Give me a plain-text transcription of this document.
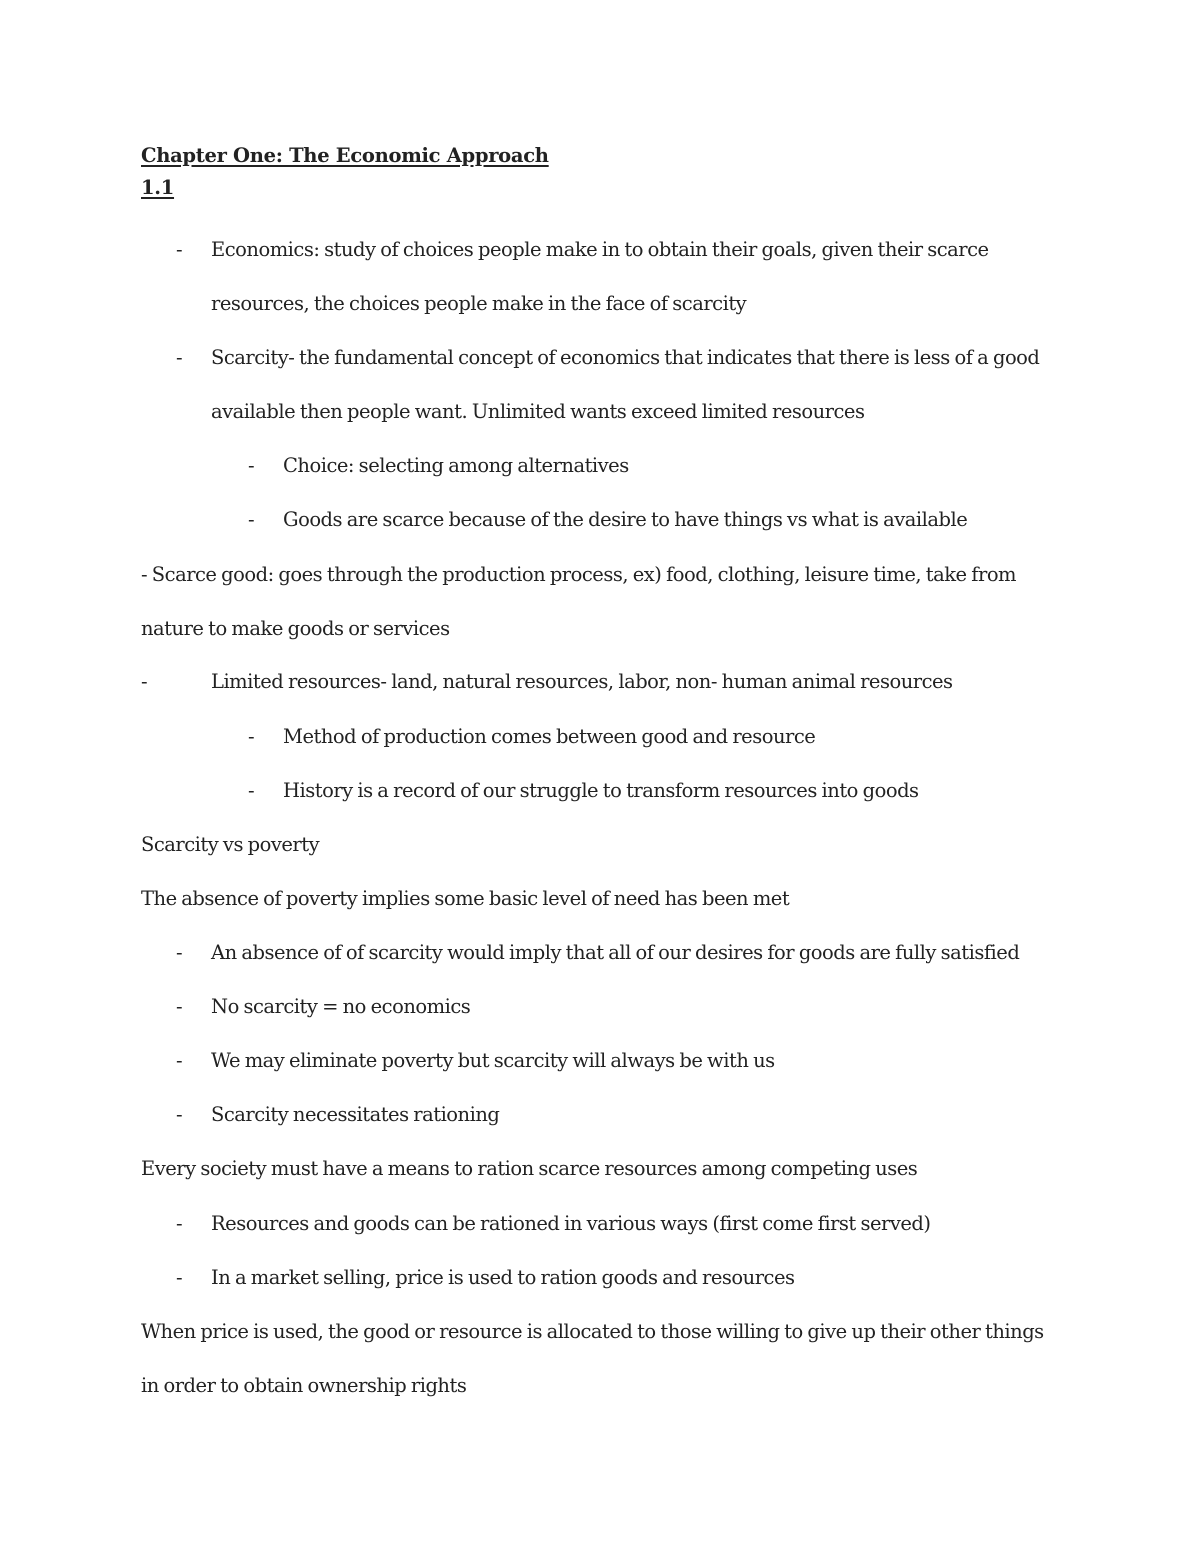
Chapter One: The Economic Approach
1.1
- Economics: study of choices people make in to obtain their goals, given their scarce
resources, the choices people make in the face of scarcity
- Scarcity- the fundamental concept of economics that indicates that there is less of a good
available then people want. Unlimited wants exceed limited resources
- Choice: selecting among alternatives
- Goods are scarce because of the desire to have things vs what is available
- Scarce good: goes through the production process, ex) food, clothing, leisure time, take from
nature to make goods or services
-	Limited resources- land, natural resources, labor, non- human animal resources
- Method of production comes between good and resource
- History is a record of our struggle to transform resources into goods
Scarcity vs poverty
The absence of poverty implies some basic level of need has been met
- An absence of of scarcity would imply that all of our desires for goods are fully satisfied
- No scarcity = no economics
- We may eliminate poverty but scarcity will always be with us
- Scarcity necessitates rationing
Every society must have a means to ration scarce resources among competing uses
- Resources and goods can be rationed in various ways (first come first served)
- In a market selling, price is used to ration goods and resources
When price is used, the good or resource is allocated to those willing to give up their other things
in order to obtain ownership rights
